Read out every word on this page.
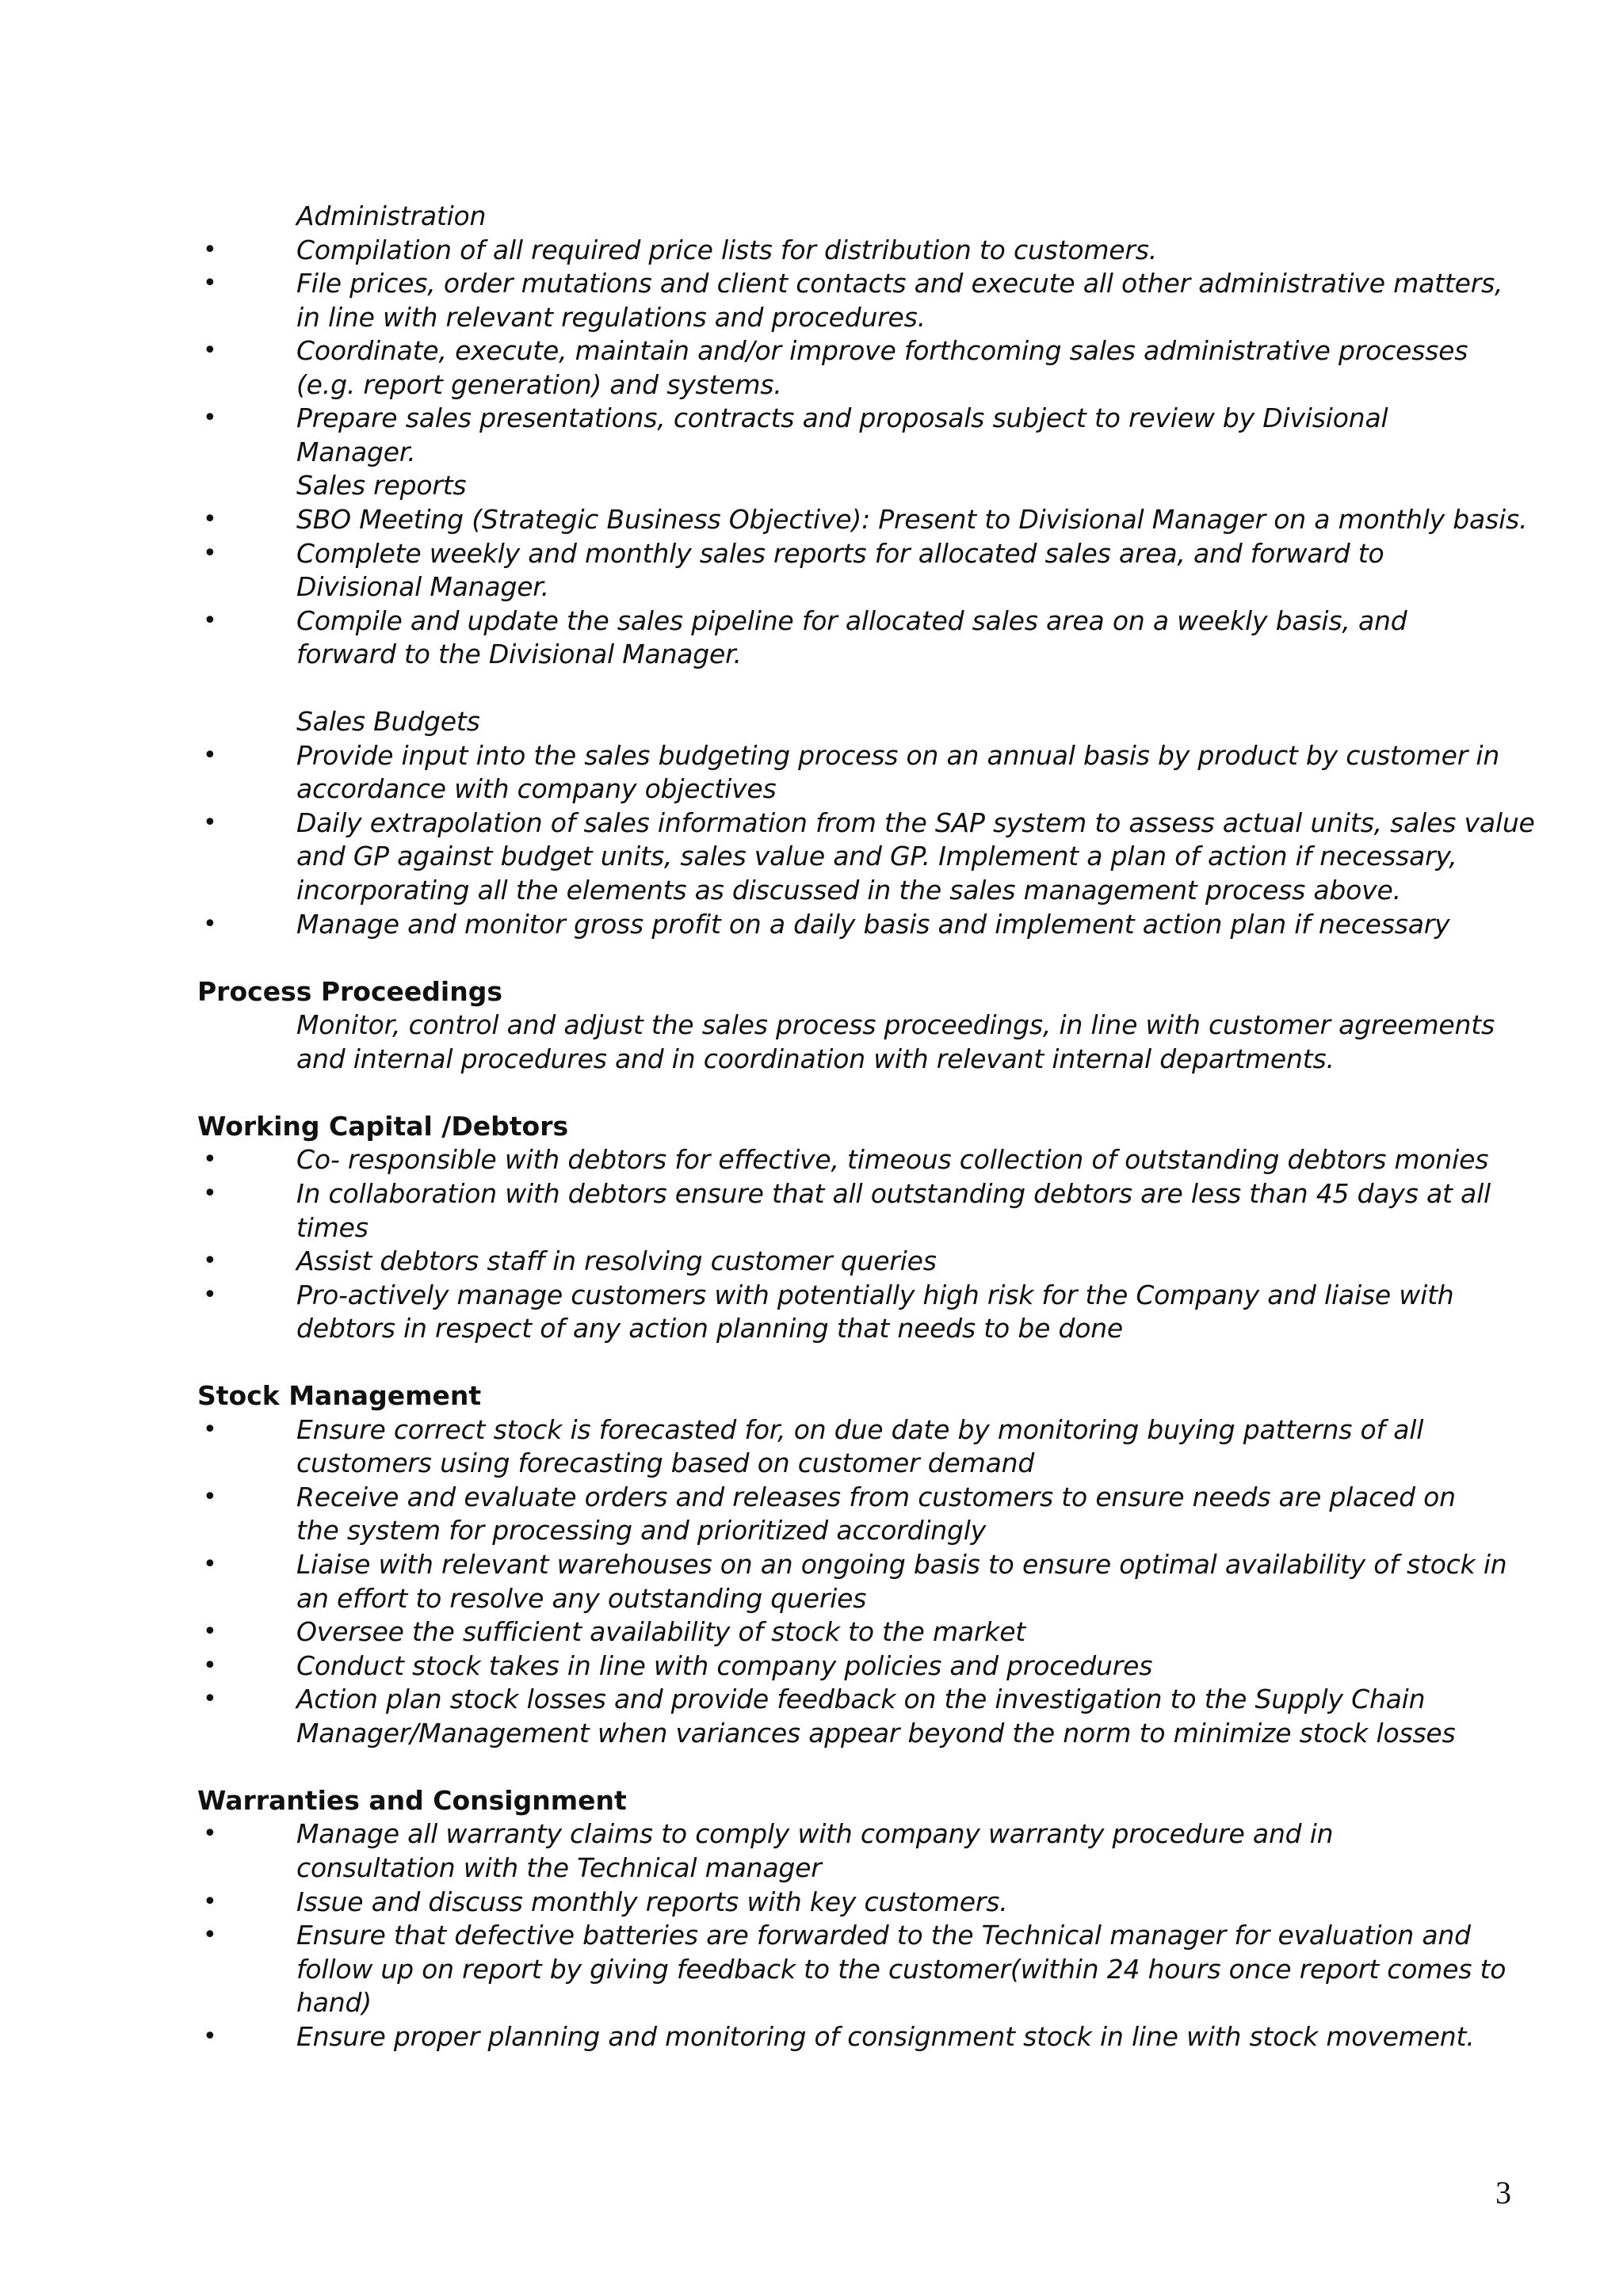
Administration
•	Compilation of all required price lists for distribution to customers.
•	File prices, order mutations and client contacts and execute all other administrative matters,
in line with relevant regulations and procedures.
•	Coordinate, execute, maintain and/or improve forthcoming sales administrative processes
(e.g. report generation) and systems.
•	Prepare sales presentations, contracts and proposals subject to review by Divisional
Manager.
Sales reports
•	SBO Meeting (Strategic Business Objective): Present to Divisional Manager on a monthly basis.
•	Complete weekly and monthly sales reports for allocated sales area, and forward to
Divisional Manager.
•	Compile and update the sales pipeline for allocated sales area on a weekly basis, and
forward to the Divisional Manager.
Sales Budgets
•	Provide input into the sales budgeting process on an annual basis by product by customer in
accordance with company objectives
•	Daily extrapolation of sales information from the SAP system to assess actual units, sales value
and GP against budget units, sales value and GP. Implement a plan of action if necessary,
incorporating all the elements as discussed in the sales management process above.
•	Manage and monitor gross profit on a daily basis and implement action plan if necessary
Process Proceedings
Monitor, control and adjust the sales process proceedings, in line with customer agreements
and internal procedures and in coordination with relevant internal departments.
Working Capital /Debtors
•	Co- responsible with debtors for effective, timeous collection of outstanding debtors monies
•	In collaboration with debtors ensure that all outstanding debtors are less than 45 days at all
times
•	Assist debtors staff in resolving customer queries
•	Pro-actively manage customers with potentially high risk for the Company and liaise with
debtors in respect of any action planning that needs to be done
Stock Management
•	Ensure correct stock is forecasted for, on due date by monitoring buying patterns of all
customers using forecasting based on customer demand
•	Receive and evaluate orders and releases from customers to ensure needs are placed on
the system for processing and prioritized accordingly
•	Liaise with relevant warehouses on an ongoing basis to ensure optimal availability of stock in
an effort to resolve any outstanding queries
•	Oversee the sufficient availability of stock to the market
•	Conduct stock takes in line with company policies and procedures
•	Action plan stock losses and provide feedback on the investigation to the Supply Chain
Manager/Management when variances appear beyond the norm to minimize stock losses
Warranties and Consignment
•	Manage all warranty claims to comply with company warranty procedure and in
consultation with the Technical manager
•	Issue and discuss monthly reports with key customers.
•	Ensure that defective batteries are forwarded to the Technical manager for evaluation and
follow up on report by giving feedback to the customer(within 24 hours once report comes to
hand)
•	Ensure proper planning and monitoring of consignment stock in line with stock movement.
3
